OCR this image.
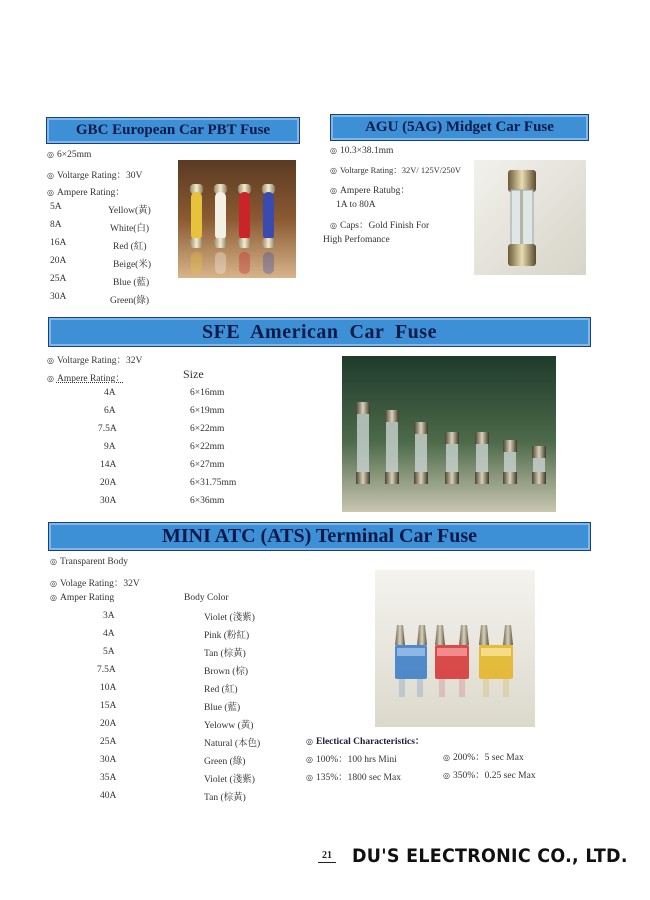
GBC European Car PBT Fuse
◎ 6×25mm
◎ Voltarge Rating：30V
◎ Ampere Rating：
5A	Yellow(黃)
8A	White(白)
16A	Red (紅)
20A	Beige(米)
25A	Blue (藍)
30A	Green(綠)
AGU (5AG) Midget Car Fuse
◎ 10.3×38.1mm
◎ Voltarge Rating：32V/ 125V/250V
◎ Ampere Ratubg：
1A to 80A
◎ Caps：Gold Finish For
High Perfomance
SFE  American  Car  Fuse
◎ Voltarge Rating：32V
◎ Ampere Rating：	Size
4A	6×16mm
6A	6×19mm
7.5A	6×22mm
9A	6×22mm
14A	6×27mm
20A	6×31.75mm
30A	6×36mm
MINI ATC (ATS) Terminal Car Fuse
◎ Transparent Body
◎ Volage Rating：32V
◎ Amper Rating	Body Color
3A	Violet (淺紫)
4A	Pink (粉紅)
5A	Tan (棕黃)
7.5A	Brown (棕)
10A	Red (紅)
15A	Blue (藍)
20A	Yeloww (黃)
25A	Natural (本色)
30A	Green (綠)
35A	Violet (淺紫)
40A	Tan (棕黃)
◎ Electical Characteristics：
◎ 100%：100 hrs Mini	◎ 200%：5 sec Max
◎ 135%：1800 sec Max	◎ 350%：0.25 sec Max
21 DU'S ELECTRONIC CO., LTD.
